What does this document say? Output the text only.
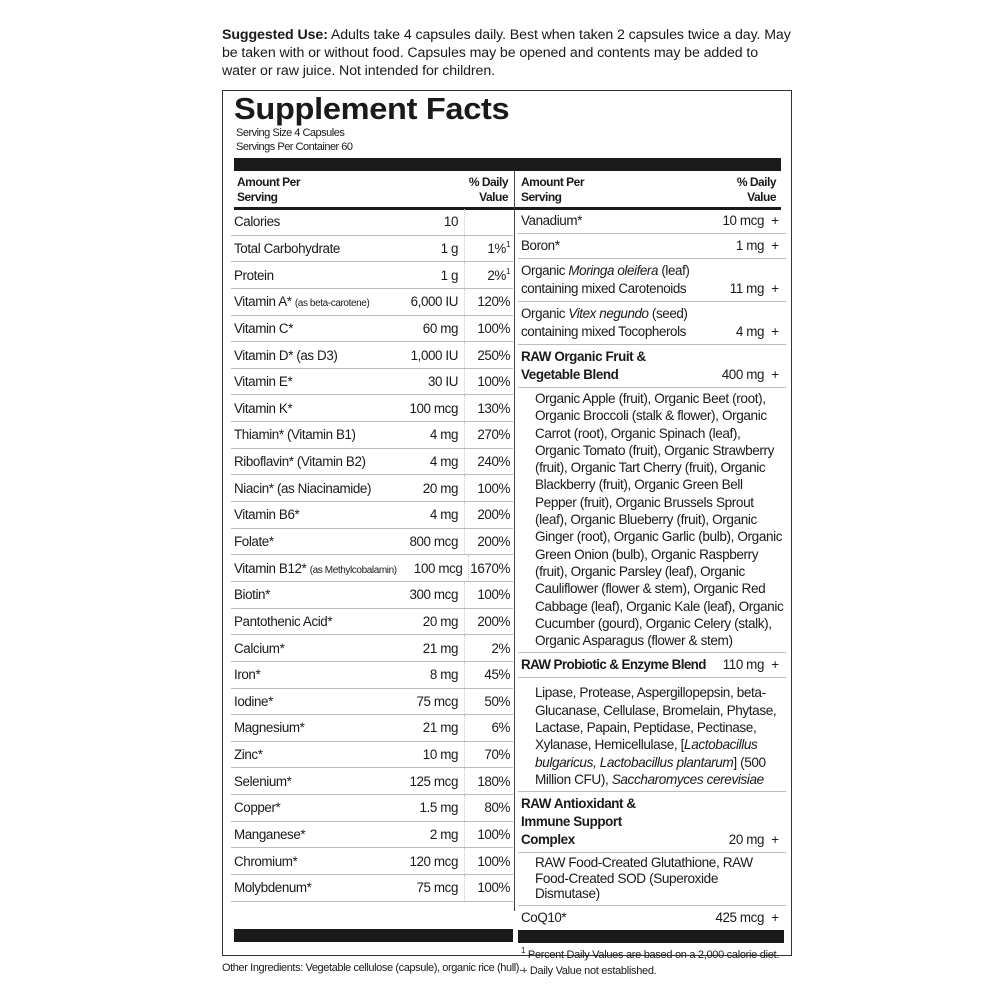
Suggested Use: Adults take 4 capsules daily. Best when taken 2 capsules twice a day. May be taken with or without food. Capsules may be opened and contents may be added to water or raw juice. Not intended for children.
Supplement Facts
Serving Size 4 Capsules
Servings Per Container 60
Amount Per
Serving
% Daily
Value
Amount Per
Serving
% Daily
Value
Calories	10
Total Carbohydrate	1 g	1%$^1$
Protein	1 g	2%$^1$
Vitamin A* (as beta-carotene)	6,000 IU	120%
Vitamin C*	60 mg	100%
Vitamin D* (as D3)	1,000 IU	250%
Vitamin E*	30 IU	100%
Vitamin K*	100 mcg	130%
Thiamin* (Vitamin B1)	4 mg	270%
Riboflavin* (Vitamin B2)	4 mg	240%
Niacin* (as Niacinamide)	20 mg	100%
Vitamin B6*	4 mg	200%
Folate*	800 mcg	200%
Vitamin B12* (as Methylcobalamin)	100 mcg 1670%
Biotin*	300 mcg	100%
Pantothenic Acid*	20 mg	200%
Calcium*	21 mg	2%
Iron*	8 mg	45%
Iodine*	75 mcg	50%
Magnesium*	21 mg	6%
Zinc*	10 mg	70%
Selenium*	125 mcg	180%
Copper*	1.5 mg	80%
Manganese*	2 mg	100%
Chromium*	120 mcg	100%
Molybdenum*	75 mcg	100%
Vanadium*	10 mcg +
Boron*	1 mg +
Organic Moringa oleifera (leaf) containing mixed Carotenoids	11 mg +
Organic Vitex negundo (seed) containing mixed Tocopherols	4 mg +
RAW Organic Fruit & Vegetable Blend	400 mg +
Organic Apple (fruit), Organic Beet (root), Organic Broccoli (stalk & flower), Organic Carrot (root), Organic Spinach (leaf), Organic Tomato (fruit), Organic Strawberry (fruit), Organic Tart Cherry (fruit), Organic Blackberry (fruit), Organic Green Bell Pepper (fruit), Organic Brussels Sprout (leaf), Organic Blueberry (fruit), Organic Ginger (root), Organic Garlic (bulb), Organic Green Onion (bulb), Organic Raspberry (fruit), Organic Parsley (leaf), Organic Cauliflower (flower & stem), Organic Red Cabbage (leaf), Organic Kale (leaf), Organic Cucumber (gourd), Organic Celery (stalk), Organic Asparagus (flower & stem)
RAW Probiotic & Enzyme Blend	110 mg +
Lipase, Protease, Aspergillopepsin, beta-Glucanase, Cellulase, Bromelain, Phytase, Lactase, Papain, Peptidase, Pectinase, Xylanase, Hemicellulase, [Lactobacillus bulgaricus, Lactobacillus plantarum] (500 Million CFU), Saccharomyces cerevisiae
RAW Antioxidant & Immune Support Complex	20 mg +
RAW Food-Created Glutathione, RAW Food-Created SOD (Superoxide Dismutase)
CoQ10*	425 mcg +
$^1$ Percent Daily Values are based on a 2,000 calorie diet.
+ Daily Value not established.
Other Ingredients: Vegetable cellulose (capsule), organic rice (hull).
